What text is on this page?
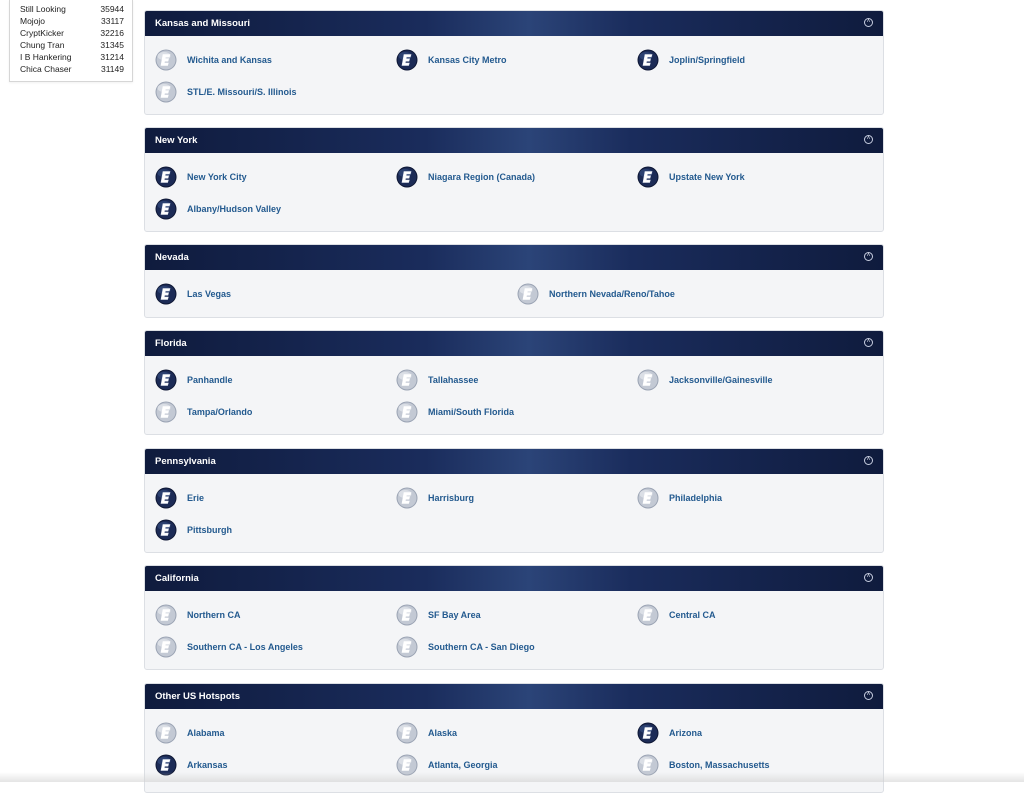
Still Looking	35944
Mojojo	33117
CryptKicker	32216
Chung Tran	31345
I B Hankering	31214
Chica Chaser	31149
Kansas and Missouri	˄
Wichita and Kansas	Kansas City Metro	Joplin/Springfield
STL/E. Missouri/S. Illinois
New York	˄
New York City	Niagara Region (Canada)	Upstate New York
Albany/Hudson Valley
Nevada	˄
Las Vegas	Northern Nevada/Reno/Tahoe
Florida	˄
Panhandle	Tallahassee	Jacksonville/Gainesville
Tampa/Orlando	Miami/South Florida
Pennsylvania	˄
Erie	Harrisburg	Philadelphia
Pittsburgh
California	˄
Northern CA	SF Bay Area	Central CA
Southern CA - Los Angeles	Southern CA - San Diego
Other US Hotspots	˄
Alabama	Alaska	Arizona
Arkansas	Atlanta, Georgia	Boston, Massachusetts
